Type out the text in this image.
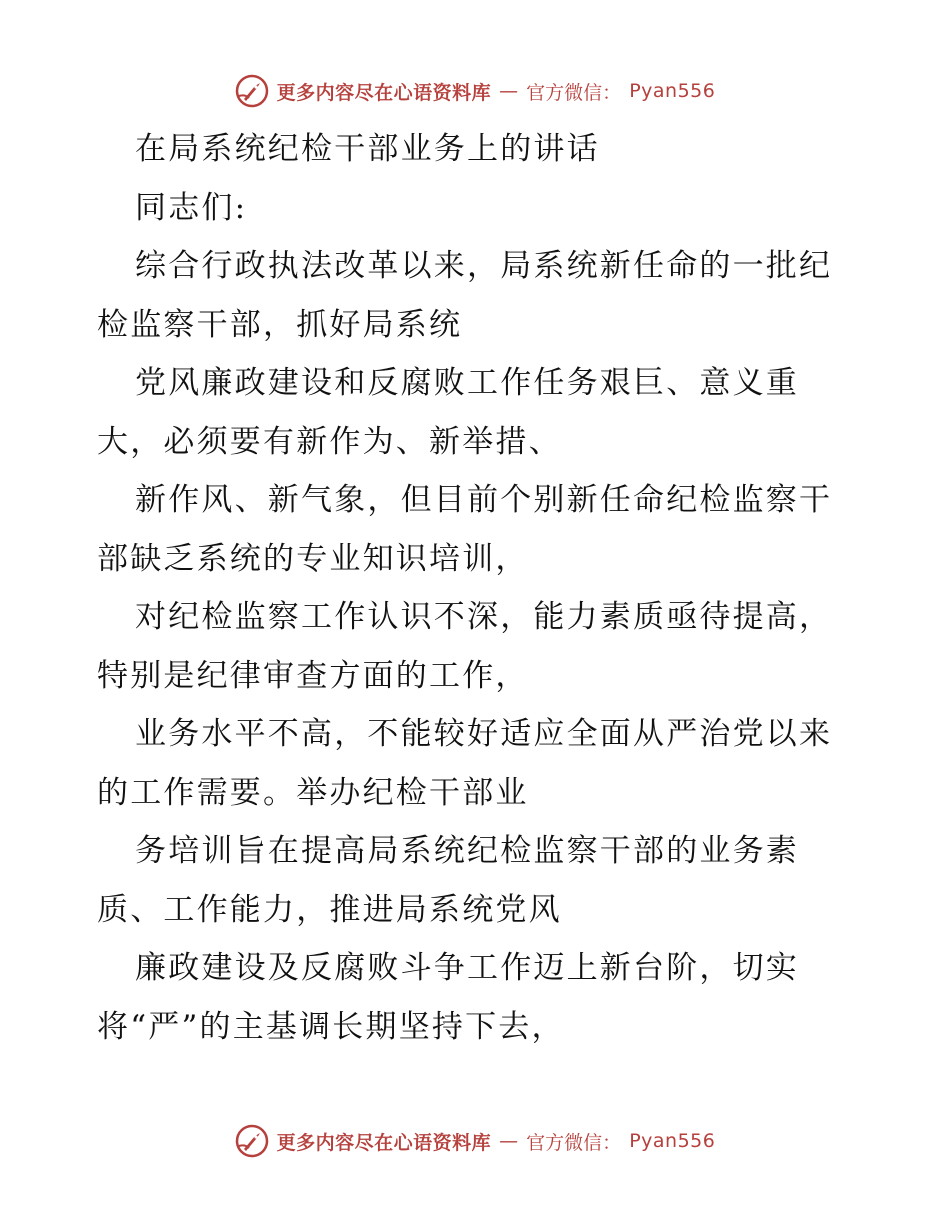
更多内容尽在心语资料库 — 官方微信： Pyan556
在局系统纪检干部业务上的讲话
同志们:
综合行政执法改革以来，局系统新任命的一批纪
检监察干部，抓好局系统
党风廉政建设和反腐败工作任务艰巨、意义重
大，必须要有新作为、新举措、
新作风、新气象，但目前个别新任命纪检监察干
部缺乏系统的专业知识培训，
对纪检监察工作认识不深，能力素质亟待提高，
特别是纪律审查方面的工作，
业务水平不高，不能较好适应全面从严治党以来
的工作需要。举办纪检干部业
务培训旨在提高局系统纪检监察干部的业务素
质、工作能力，推进局系统党风
廉政建设及反腐败斗争工作迈上新台阶，切实
将“严”的主基调长期坚持下去，
更多内容尽在心语资料库 — 官方微信： Pyan556
